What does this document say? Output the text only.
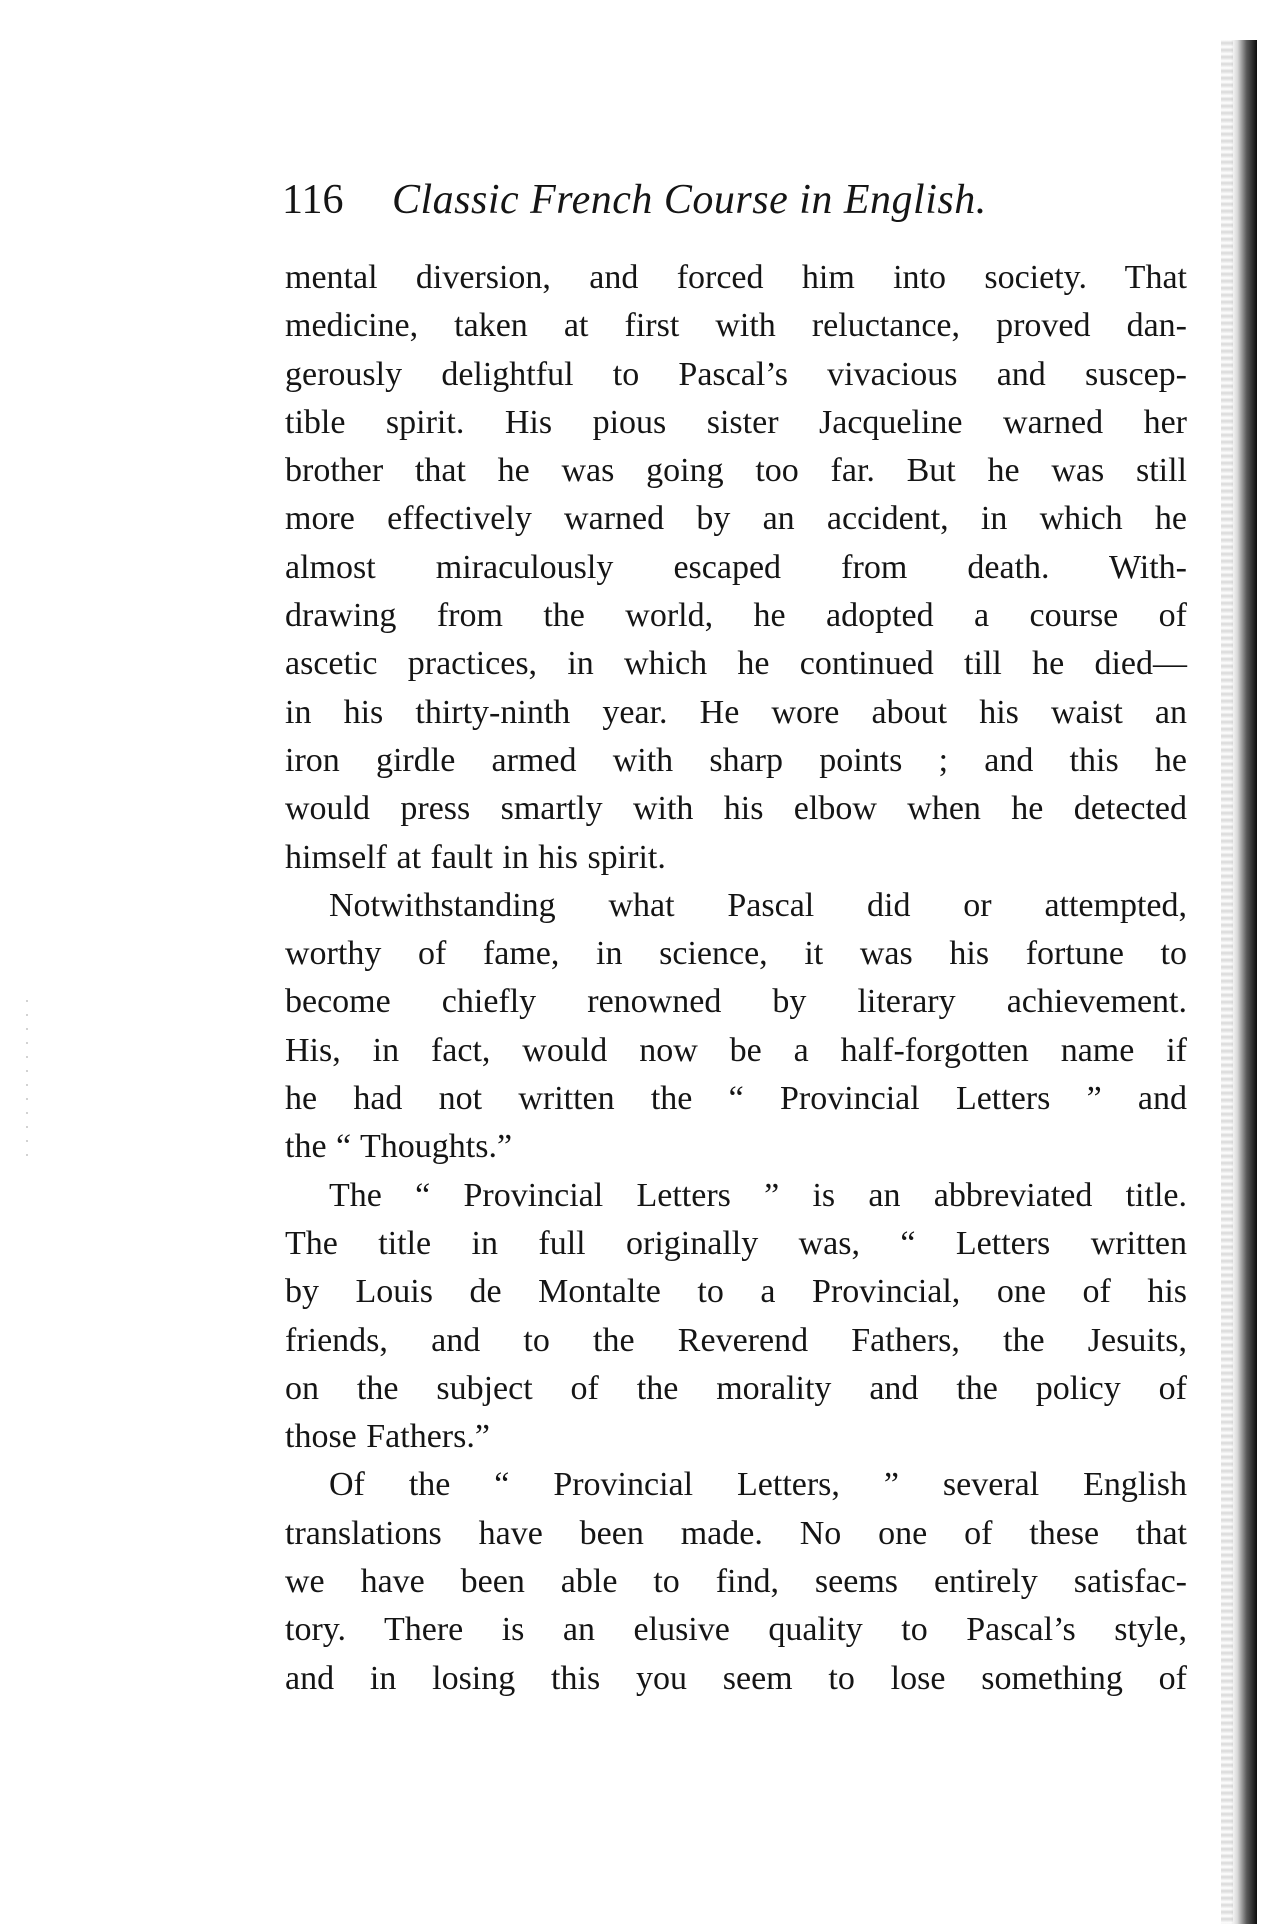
116 Classic French Course in English.

mental diversion, and forced him into society. That
medicine, taken at first with reluctance, proved dan-
gerously delightful to Pascal’s vivacious and suscep-
tible spirit. His pious sister Jacqueline warned her
brother that he was going too far. But he was still
more effectively warned by an accident, in which he
almost miraculously escaped from death. With-
drawing from the world, he adopted a course of
ascetic practices, in which he continued till he died—
in his thirty-ninth year. He wore about his waist an
iron girdle armed with sharp points ; and this he
would press smartly with his elbow when he detected
himself at fault in his spirit.

Notwithstanding what Pascal did or attempted,
worthy of fame, in science, it was his fortune to
become chiefly renowned by literary achievement.
His, in fact, would now be a half-forgotten name if
he had not written the “ Provincial Letters ” and
the “ Thoughts.”

The “ Provincial Letters ” is an abbreviated title.
The title in full originally was, “ Letters written
by Louis de Montalte to a Provincial, one of his
friends, and to the Reverend Fathers, the Jesuits,
on the subject of the morality and the policy of
those Fathers.”

Of the “ Provincial Letters, ” several English
translations have been made. No one of these that
we have been able to find, seems entirely satisfac-
tory. There is an elusive quality to Pascal’s style,
and in losing this you seem to lose something of
